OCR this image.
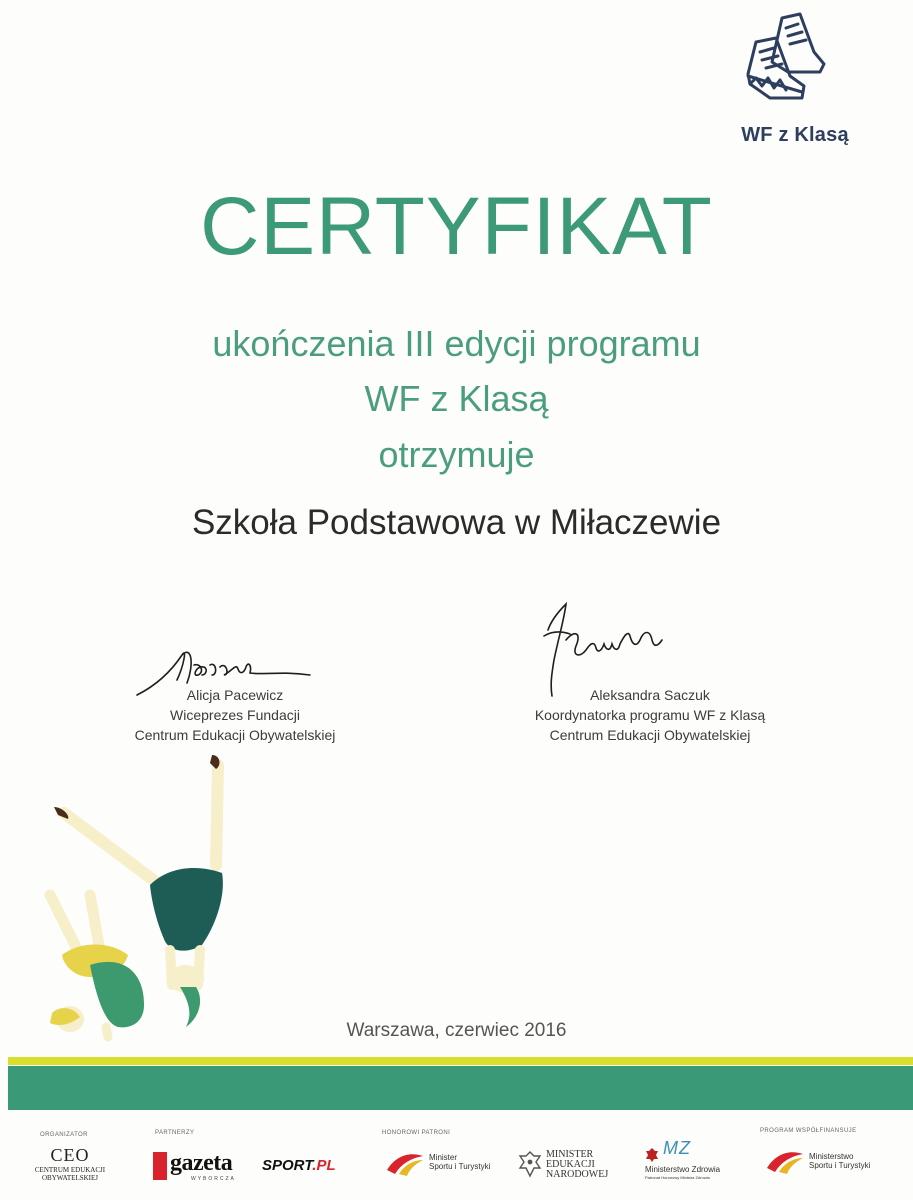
WF z Klasą
CERTYFIKAT
ukończenia III edycji programu
WF z Klasą
otrzymuje
Szkoła Podstawowa w Miłaczewie
Alicja Pacewicz
Wiceprezes Fundacji
Centrum Edukacji Obywatelskiej
Aleksandra Saczuk
Koordynatorka programu WF z Klasą
Centrum Edukacji Obywatelskiej
Warszawa, czerwiec 2016
ORGANIZATOR	PARTNERZY	HONOROWI PATRONI	PROGRAM WSPÓŁFINANSUJE
CEO
CENTRUM EDUKACJI
OBYWATELSKIEJ
gazeta
WYBORCZA
SPORT.PL	Minister
Sportu i Turystyki
MINISTER
EDUKACJI
NARODOWEJ
MZ
Ministerstwo Zdrowia
Patronat Honorowy Ministra Zdrowia
Ministerstwo
Sportu i Turystyki
